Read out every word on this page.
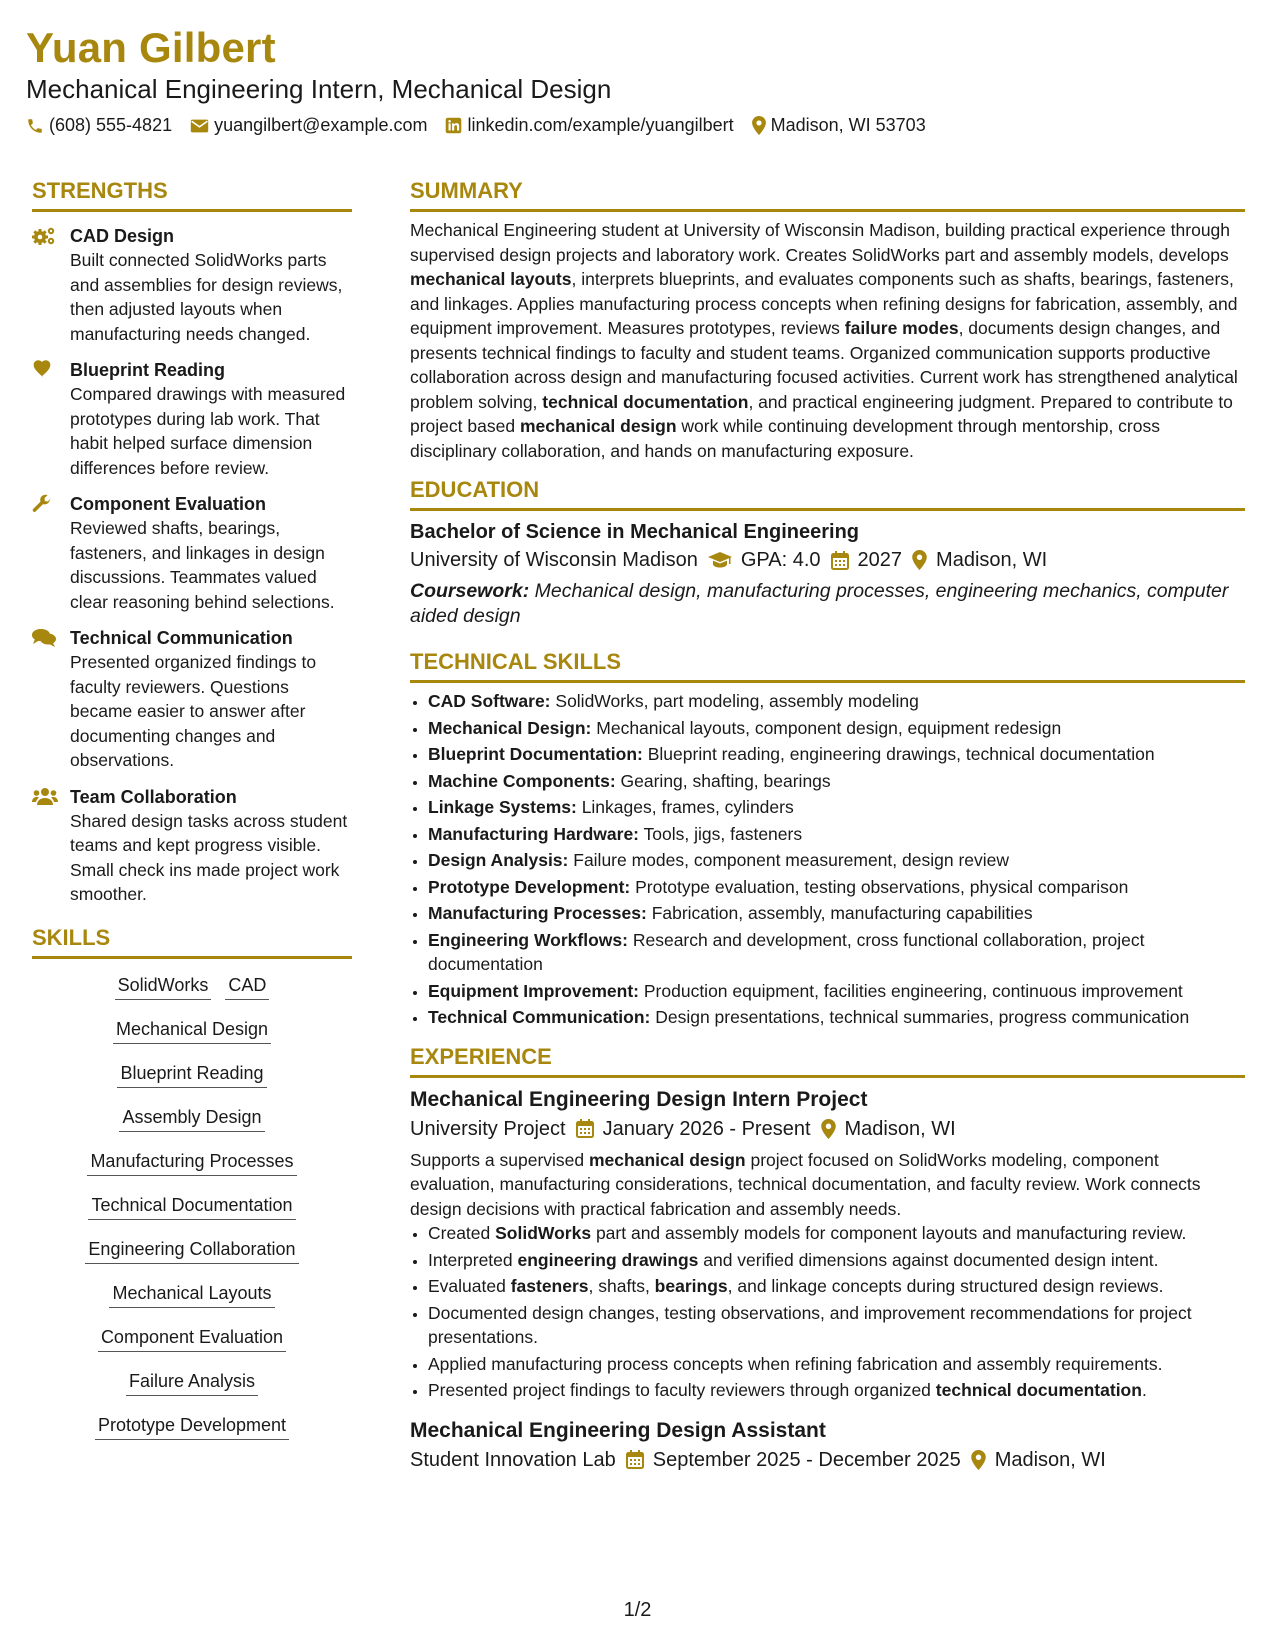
Yuan Gilbert
Mechanical Engineering Intern, Mechanical Design
(608) 555-4821 yuangilbert@example.com linkedin.com/example/yuangilbert Madison, WI 53703
STRENGTHS
CAD Design
Built connected SolidWorks parts and assemblies for design reviews, then adjusted layouts when manufacturing needs changed.
Blueprint Reading
Compared drawings with measured prototypes during lab work. That habit helped surface dimension differences before review.
Component Evaluation
Reviewed shafts, bearings, fasteners, and linkages in design discussions. Teammates valued clear reasoning behind selections.
Technical Communication
Presented organized findings to faculty reviewers. Questions became easier to answer after documenting changes and observations.
Team Collaboration
Shared design tasks across student teams and kept progress visible. Small check ins made project work smoother.
SKILLS
SolidWorks CAD
Mechanical Design
Blueprint Reading
Assembly Design
Manufacturing Processes
Technical Documentation
Engineering Collaboration
Mechanical Layouts
Component Evaluation
Failure Analysis
Prototype Development
SUMMARY
Mechanical Engineering student at University of Wisconsin Madison, building practical experience through supervised design projects and laboratory work. Creates SolidWorks part and assembly models, develops mechanical layouts, interprets blueprints, and evaluates components such as shafts, bearings, fasteners, and linkages. Applies manufacturing process concepts when refining designs for fabrication, assembly, and equipment improvement. Measures prototypes, reviews failure modes, documents design changes, and presents technical findings to faculty and student teams. Organized communication supports productive collaboration across design and manufacturing focused activities. Current work has strengthened analytical problem solving, technical documentation, and practical engineering judgment. Prepared to contribute to project based mechanical design work while continuing development through mentorship, cross disciplinary collaboration, and hands on manufacturing exposure.
EDUCATION
Bachelor of Science in Mechanical Engineering
University of Wisconsin Madison GPA: 4.0 2027 Madison, WI
Coursework: Mechanical design, manufacturing processes, engineering mechanics, computer aided design
TECHNICAL SKILLS
• CAD Software: SolidWorks, part modeling, assembly modeling
• Mechanical Design: Mechanical layouts, component design, equipment redesign
• Blueprint Documentation: Blueprint reading, engineering drawings, technical documentation
• Machine Components: Gearing, shafting, bearings
• Linkage Systems: Linkages, frames, cylinders
• Manufacturing Hardware: Tools, jigs, fasteners
• Design Analysis: Failure modes, component measurement, design review
• Prototype Development: Prototype evaluation, testing observations, physical comparison
• Manufacturing Processes: Fabrication, assembly, manufacturing capabilities
• Engineering Workflows: Research and development, cross functional collaboration, project documentation
• Equipment Improvement: Production equipment, facilities engineering, continuous improvement
• Technical Communication: Design presentations, technical summaries, progress communication
EXPERIENCE
Mechanical Engineering Design Intern Project
University Project January 2026 - Present Madison, WI
Supports a supervised mechanical design project focused on SolidWorks modeling, component evaluation, manufacturing considerations, technical documentation, and faculty review. Work connects design decisions with practical fabrication and assembly needs.
• Created SolidWorks part and assembly models for component layouts and manufacturing review.
• Interpreted engineering drawings and verified dimensions against documented design intent.
• Evaluated fasteners, shafts, bearings, and linkage concepts during structured design reviews.
• Documented design changes, testing observations, and improvement recommendations for project presentations.
• Applied manufacturing process concepts when refining fabrication and assembly requirements.
• Presented project findings to faculty reviewers through organized technical documentation.
Mechanical Engineering Design Assistant
Student Innovation Lab September 2025 - December 2025 Madison, WI
1/2
